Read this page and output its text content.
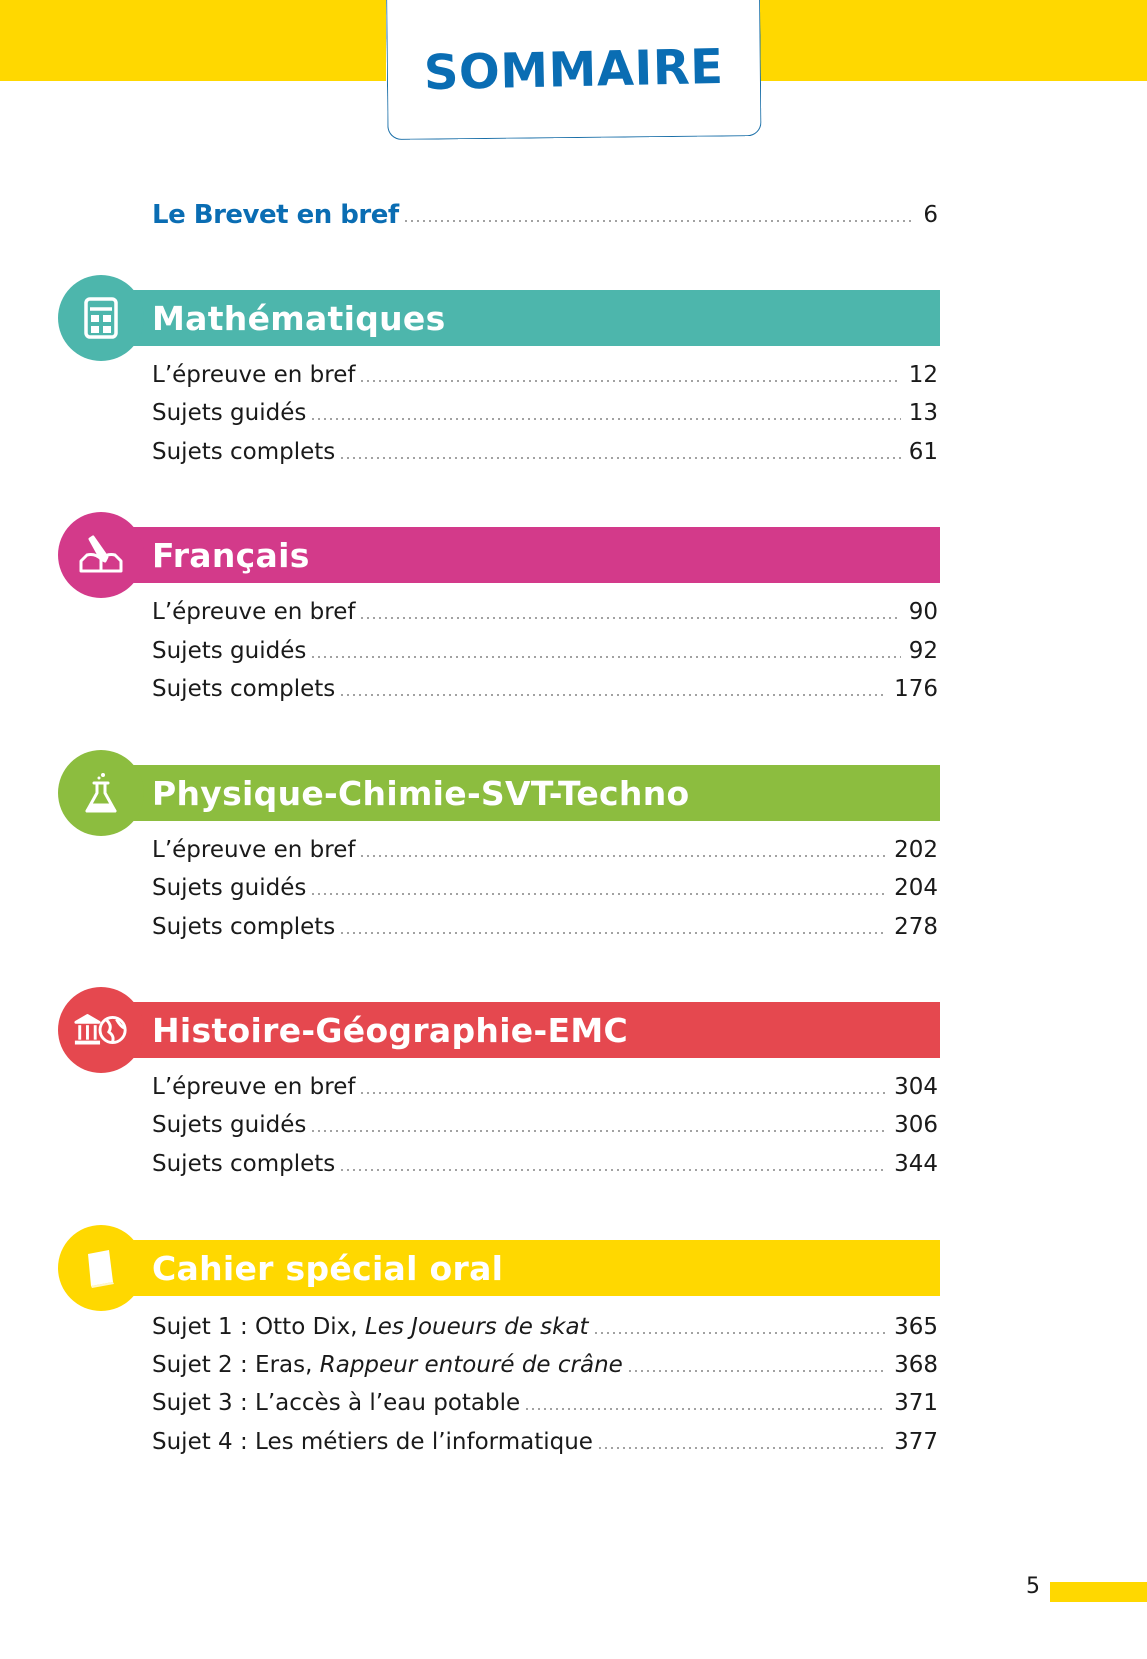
SOMMAIRE
Le Brevet en bref	6
Mathématiques
L’épreuve en bref	12
Sujets guidés	13
Sujets complets	61
Français
L’épreuve en bref	90
Sujets guidés	92
Sujets complets	176
Physique-Chimie-SVT-Techno
L’épreuve en bref	202
Sujets guidés	204
Sujets complets	278
Histoire-Géographie-EMC
L’épreuve en bref	304
Sujets guidés	306
Sujets complets	344
Cahier spécial oral
Sujet 1 : Otto Dix, Les Joueurs de skat	365
Sujet 2 : Eras, Rappeur entouré de crâne	368
Sujet 3 : L’accès à l’eau potable	371
Sujet 4 : Les métiers de l’informatique	377
5
